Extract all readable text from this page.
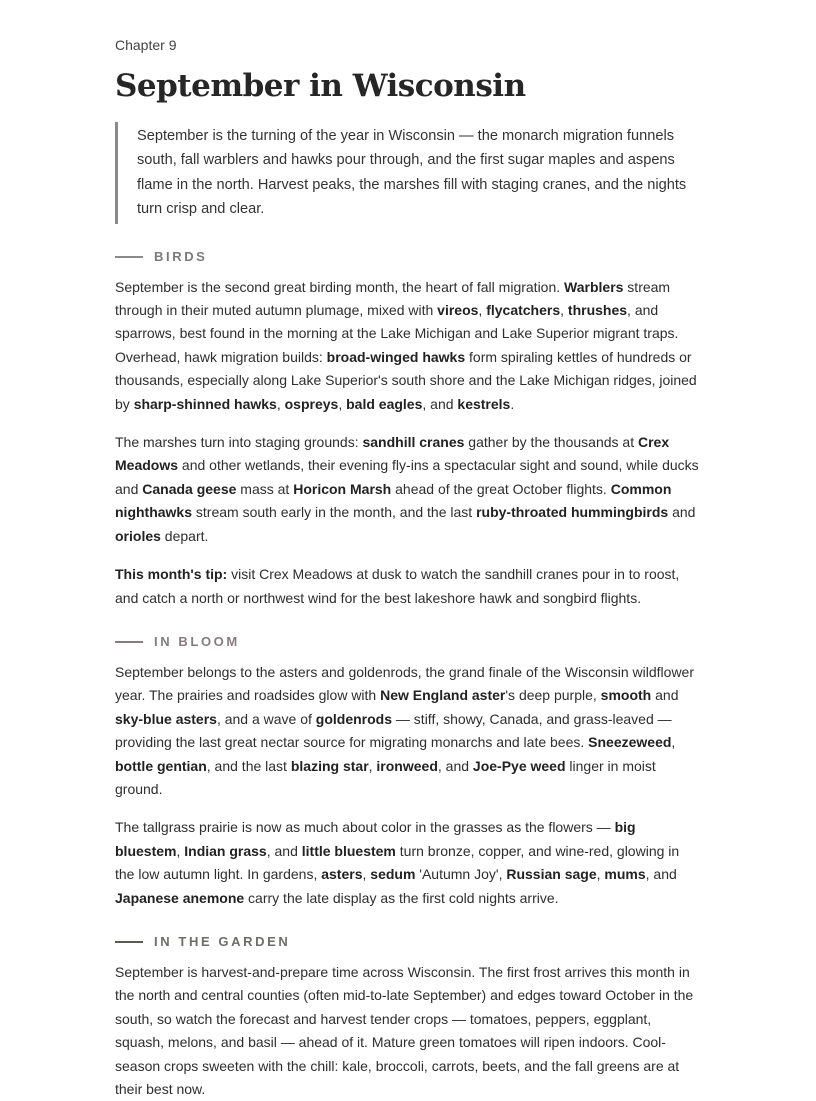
Chapter 9
September in Wisconsin
September is the turning of the year in Wisconsin — the monarch migration funnels south, fall warblers and hawks pour through, and the first sugar maples and aspens flame in the north. Harvest peaks, the marshes fill with staging cranes, and the nights turn crisp and clear.
BIRDS

September is the second great birding month, the heart of fall migration. Warblers stream through in their muted autumn plumage, mixed with vireos, flycatchers, thrushes, and sparrows, best found in the morning at the Lake Michigan and Lake Superior migrant traps. Overhead, hawk migration builds: broad-winged hawks form spiraling kettles of hundreds or thousands, especially along Lake Superior's south shore and the Lake Michigan ridges, joined by sharp-shinned hawks, ospreys, bald eagles, and kestrels.

The marshes turn into staging grounds: sandhill cranes gather by the thousands at Crex Meadows and other wetlands, their evening fly-ins a spectacular sight and sound, while ducks and Canada geese mass at Horicon Marsh ahead of the great October flights. Common nighthawks stream south early in the month, and the last ruby-throated hummingbirds and orioles depart.

This month's tip: visit Crex Meadows at dusk to watch the sandhill cranes pour in to roost, and catch a north or northwest wind for the best lakeshore hawk and songbird flights.

IN BLOOM

September belongs to the asters and goldenrods, the grand finale of the Wisconsin wildflower year. The prairies and roadsides glow with New England aster's deep purple, smooth and sky-blue asters, and a wave of goldenrods — stiff, showy, Canada, and grass-leaved — providing the last great nectar source for migrating monarchs and late bees. Sneezeweed, bottle gentian, and the last blazing star, ironweed, and Joe-Pye weed linger in moist ground.

The tallgrass prairie is now as much about color in the grasses as the flowers — big bluestem, Indian grass, and little bluestem turn bronze, copper, and wine-red, glowing in the low autumn light. In gardens, asters, sedum 'Autumn Joy', Russian sage, mums, and Japanese anemone carry the late display as the first cold nights arrive.

IN THE GARDEN

September is harvest-and-prepare time across Wisconsin. The first frost arrives this month in the north and central counties (often mid-to-late September) and edges toward October in the south, so watch the forecast and harvest tender crops — tomatoes, peppers, eggplant, squash, melons, and basil — ahead of it. Mature green tomatoes will ripen indoors. Cool-season crops sweeten with the chill: kale, broccoli, carrots, beets, and the fall greens are at their best now.
